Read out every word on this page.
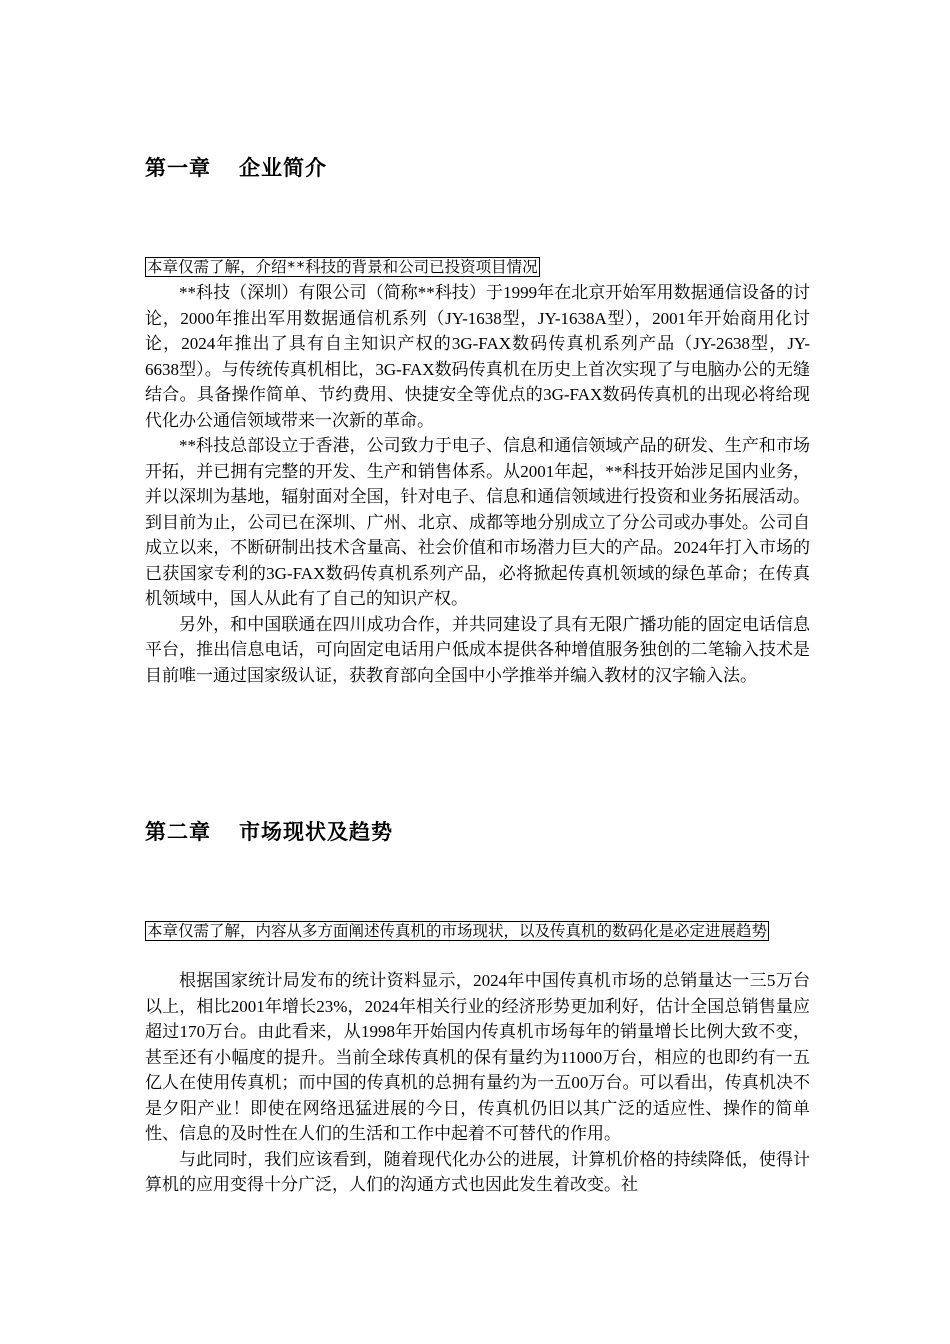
第一章 企业简介
本章仅需了解，介绍**科技的背景和公司已投资项目情况

**科技（深圳）有限公司（简称**科技）于1999年在北京开始军用数据通信设备的讨论，2000年推出军用数据通信机系列（JY-1638型，JY-1638A型），2001年开始商用化讨论，2024年推出了具有自主知识产权的3G-FAX数码传真机系列产品（JY-2638型，JY-6638型）。与传统传真机相比，3G-FAX数码传真机在历史上首次实现了与电脑办公的无缝结合。具备操作简单、节约费用、快捷安全等优点的3G-FAX数码传真机的出现必将给现代化办公通信领域带来一次新的革命。

**科技总部设立于香港，公司致力于电子、信息和通信领域产品的研发、生产和市场开拓，并已拥有完整的开发、生产和销售体系。从2001年起，**科技开始涉足国内业务，并以深圳为基地，辐射面对全国，针对电子、信息和通信领域进行投资和业务拓展活动。到目前为止，公司已在深圳、广州、北京、成都等地分别成立了分公司或办事处。公司自成立以来，不断研制出技术含量高、社会价值和市场潜力巨大的产品。2024年打入市场的已获国家专利的3G-FAX数码传真机系列产品，必将掀起传真机领域的绿色革命；在传真机领域中，国人从此有了自己的知识产权。

另外，和中国联通在四川成功合作，并共同建设了具有无限广播功能的固定电话信息平台，推出信息电话，可向固定电话用户低成本提供各种增值服务独创的二笔输入技术是目前唯一通过国家级认证，获教育部向全国中小学推举并编入教材的汉字输入法。

第二章 市场现状及趋势
本章仅需了解，内容从多方面阐述传真机的市场现状，以及传真机的数码化是必定进展趋势

根据国家统计局发布的统计资料显示，2024年中国传真机市场的总销量达一三5万台以上，相比2001年增长23%，2024年相关行业的经济形势更加利好，估计全国总销售量应超过170万台。由此看来，从1998年开始国内传真机市场每年的销量增长比例大致不变，甚至还有小幅度的提升。当前全球传真机的保有量约为11000万台，相应的也即约有一五亿人在使用传真机；而中国的传真机的总拥有量约为一五00万台。可以看出，传真机决不是夕阳产业！即使在网络迅猛进展的今日，传真机仍旧以其广泛的适应性、操作的简单性、信息的及时性在人们的生活和工作中起着不可替代的作用。

与此同时，我们应该看到，随着现代化办公的进展，计算机价格的持续降低，使得计算机的应用变得十分广泛，人们的沟通方式也因此发生着改变。社
